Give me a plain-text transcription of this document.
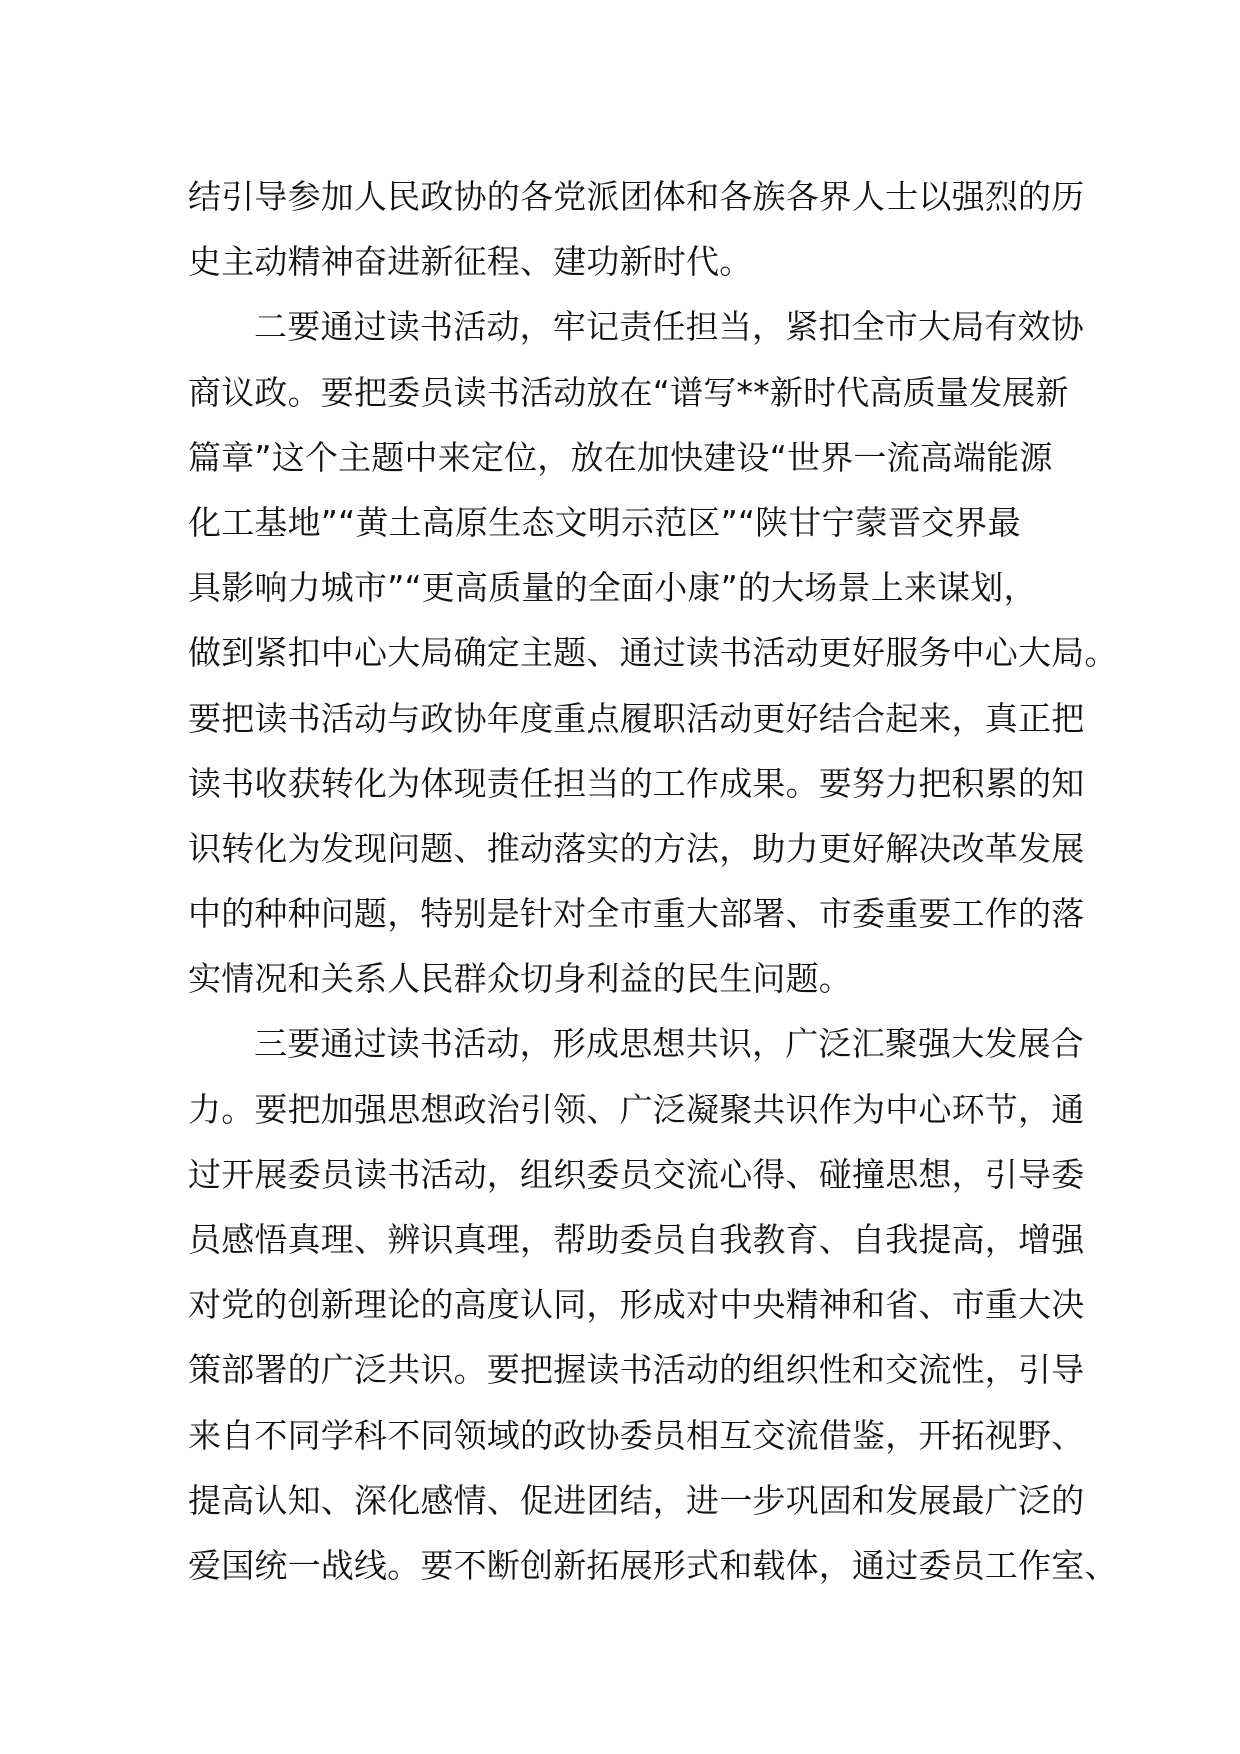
结引导参加人民政协的各党派团体和各族各界人士以强烈的历
史主动精神奋进新征程、建功新时代。
二要通过读书活动，牢记责任担当，紧扣全市大局有效协
商议政。要把委员读书活动放在“谱写**新时代高质量发展新
篇章”这个主题中来定位，放在加快建设“世界一流高端能源
化工基地”“黄土高原生态文明示范区”“陕甘宁蒙晋交界最
具影响力城市”“更高质量的全面小康”的大场景上来谋划，
做到紧扣中心大局确定主题、通过读书活动更好服务中心大局。
要把读书活动与政协年度重点履职活动更好结合起来，真正把
读书收获转化为体现责任担当的工作成果。要努力把积累的知
识转化为发现问题、推动落实的方法，助力更好解决改革发展
中的种种问题，特别是针对全市重大部署、市委重要工作的落
实情况和关系人民群众切身利益的民生问题。
三要通过读书活动，形成思想共识，广泛汇聚强大发展合
力。要把加强思想政治引领、广泛凝聚共识作为中心环节，通
过开展委员读书活动，组织委员交流心得、碰撞思想，引导委
员感悟真理、辨识真理，帮助委员自我教育、自我提高，增强
对党的创新理论的高度认同，形成对中央精神和省、市重大决
策部署的广泛共识。要把握读书活动的组织性和交流性，引导
来自不同学科不同领域的政协委员相互交流借鉴，开拓视野、
提高认知、深化感情、促进团结，进一步巩固和发展最广泛的
爱国统一战线。要不断创新拓展形式和载体，通过委员工作室、
